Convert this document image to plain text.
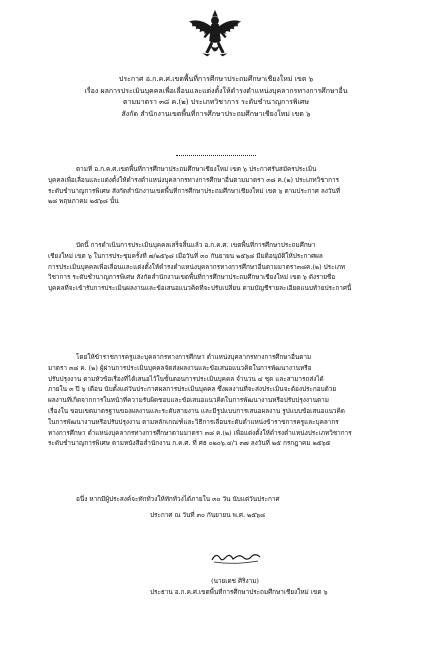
ประกาศ อ.ก.ค.ศ.เขตพื้นที่การศึกษาประถมศึกษาเชียงใหม่ เขต ๖
เรื่อง ผลการประเมินบุคคลเพื่อเลื่อนและแต่งตั้งให้ดำรงตำแหน่งบุคลากรทางการศึกษาอื่น
ตามมาตรา ๓๘ ค.(๒) ประเภทวิชาการ ระดับชำนาญการพิเศษ
สังกัด สำนักงานเขตพื้นที่การศึกษาประถมศึกษาเชียงใหม่ เขต ๖
ตามที่ อ.ก.ค.ศ.เขตพื้นที่การศึกษาประถมศึกษาเชียงใหม่ เขต ๖ ประกาศรับสมัครประเมิน
บุคคลเพื่อเลื่อนและแต่งตั้งให้ดำรงตำแหน่งบุคลากรทางการศึกษาอื่นตามมาตรา ๓๘ ค.(๒) ประเภทวิชาการ
ระดับชำนาญการพิเศษ สังกัดสำนักงานเขตพื้นที่การศึกษาประถมศึกษาเชียงใหม่ เขต ๖ ตามประกาศ ลงวันที่
๒๘ พฤษภาคม ๒๕๖๘ นั้น
บัดนี้ การดำเนินการประเมินบุคคลเสร็จสิ้นแล้ว อ.ก.ค.ศ. เขตพื้นที่การศึกษาประถมศึกษา
เชียงใหม่ เขต ๖ ในการประชุมครั้งที่ ๗/๒๕๖๘ เมื่อวันที่ ๓๐ กันยายน ๒๕๖๘ มีมติอนุมัติให้ประกาศผล
การประเมินบุคคลเพื่อเลื่อนและแต่งตั้งให้ดำรงตำแหน่งบุคลากรทางการศึกษาอื่นตามมาตรา๓๘ค.(๒) ประเภท
วิชาการ ระดับชำนาญการพิเศษ สังกัดสำนักงานเขตพื้นที่การศึกษาประถมศึกษาเชียงใหม่ เขต ๖ ดังรายชื่อ
บุคคลที่จะเข้ารับการประเมินผลงานและข้อเสนอแนวคิดที่จะปรับเปลี่ยน ตามบัญชีรายละเอียดแนบท้ายประกาศนี้
โดยให้ข้าราชการครูและบุคลากรทางการศึกษา ตำแหน่งบุคลากรทางการศึกษาอื่นตาม
มาตรา ๓๘ ค. (๒) ผู้ผ่านการประเมินบุคคลจัดส่งผลงานและข้อเสนอแนวคิดในการพัฒนางานหรือ
ปรับปรุงงาน ตามหัวข้อเรื่องที่ได้เสนอไว้ในขั้นตอนการประเมินบุคคล จำนวน ๔ ชุด และสามารถส่งได้
ภายใน ๓ ปี ๖ เดือน นับตั้งแต่วันประกาศผลการประเมินบุคคล ซึ่งผลงานที่จะส่งประเมินจะต้องประกอบด้วย
ผลงานที่เกิดจากการในหน้าที่ความรับผิดชอบและข้อเสนอแนวคิดในการพัฒนางานหรือปรับปรุงงานตาม
เรื่องใน ขอบเขตมาตรฐานของผลงานและระดับสายงาน และมีรูปแบบการเสนอผลงาน รูปแบบข้อเสนอแนวคิด
ในการพัฒนางานหรือปรับปรุงงาน ตามหลักเกณฑ์และวิธีการเลื่อนระดับตำแหน่งข้าราชการครูและบุคลากร
ทางการศึกษา ตำแหน่งบุคลากรทางการศึกษาตามมาตรา ๓๘ ค.(๒) เพื่อแต่งตั้งให้ดำรงตำแหน่งประเภทวิชาการ
ระดับชำนาญการพิเศษ ตามหนังสือสำนักงาน ก.ค.ศ. ที่ ศธ ๐๒๐๖.๔/ว ๓๗ ลงวันที่ ๒๕ กรกฎาคม ๒๕๖๕
อนึ่ง หากมีผู้ประสงค์จะทักท้วงให้ทักท้วงได้ภายใน ๓๐ วัน นับแต่วันประกาศ
ประกาศ ณ วันที่ ๓๐ กันยายน พ.ศ. ๒๕๖๘
(นายเดช ศิริงาม)
ประธาน อ.ก.ค.ศ.เขตพื้นที่การศึกษาประถมศึกษาเชียงใหม่ เขต ๖
